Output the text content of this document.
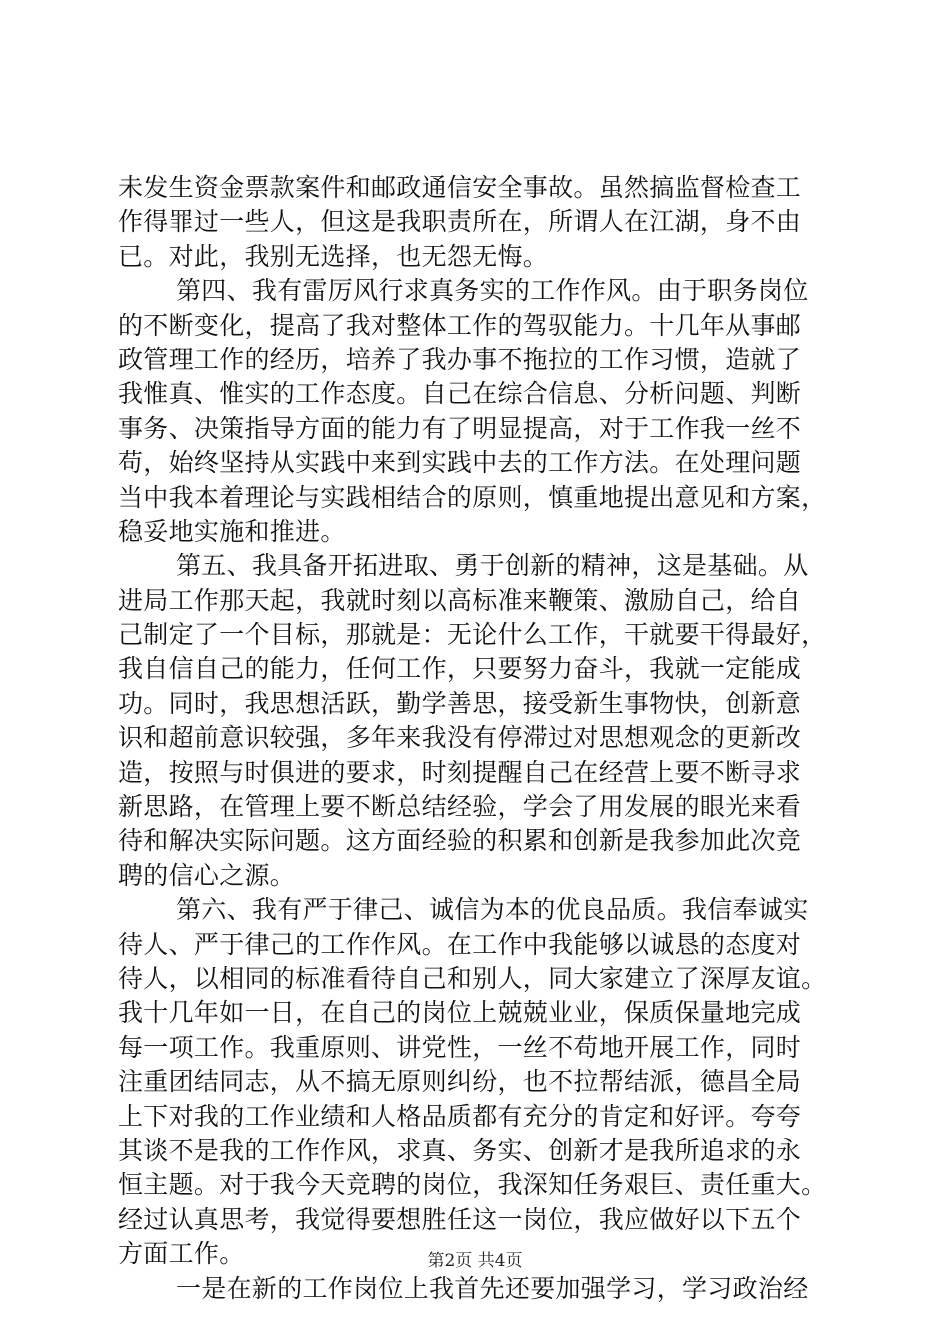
未发生资金票款案件和邮政通信安全事故。虽然搞监督检查工
作得罪过一些人，但这是我职责所在，所谓人在江湖，身不由
已。对此，我别无选择，也无怨无悔。
第四、我有雷厉风行求真务实的工作作风。由于职务岗位
的不断变化，提高了我对整体工作的驾驭能力。十几年从事邮
政管理工作的经历，培养了我办事不拖拉的工作习惯，造就了
我惟真、惟实的工作态度。自己在综合信息、分析问题、判断
事务、决策指导方面的能力有了明显提高，对于工作我一丝不
苟，始终坚持从实践中来到实践中去的工作方法。在处理问题
当中我本着理论与实践相结合的原则，慎重地提出意见和方案，
稳妥地实施和推进。
第五、我具备开拓进取、勇于创新的精神，这是基础。从
进局工作那天起，我就时刻以高标准来鞭策、激励自己，给自
己制定了一个目标，那就是：无论什么工作，干就要干得最好，
我自信自己的能力，任何工作，只要努力奋斗，我就一定能成
功。同时，我思想活跃，勤学善思，接受新生事物快，创新意
识和超前意识较强，多年来我没有停滞过对思想观念的更新改
造，按照与时俱进的要求，时刻提醒自己在经营上要不断寻求
新思路，在管理上要不断总结经验，学会了用发展的眼光来看
待和解决实际问题。这方面经验的积累和创新是我参加此次竞
聘的信心之源。
第六、我有严于律己、诚信为本的优良品质。我信奉诚实
待人、严于律己的工作作风。在工作中我能够以诚恳的态度对
待人，以相同的标准看待自己和别人，同大家建立了深厚友谊。
我十几年如一日，在自己的岗位上兢兢业业，保质保量地完成
每一项工作。我重原则、讲党性，一丝不苟地开展工作，同时
注重团结同志，从不搞无原则纠纷，也不拉帮结派，德昌全局
上下对我的工作业绩和人格品质都有充分的肯定和好评。夸夸
其谈不是我的工作作风，求真、务实、创新才是我所追求的永
恒主题。对于我今天竞聘的岗位，我深知任务艰巨、责任重大。
经过认真思考，我觉得要想胜任这一岗位，我应做好以下五个
方面工作。
一是在新的工作岗位上我首先还要加强学习，学习政治经
第2页 共4页
